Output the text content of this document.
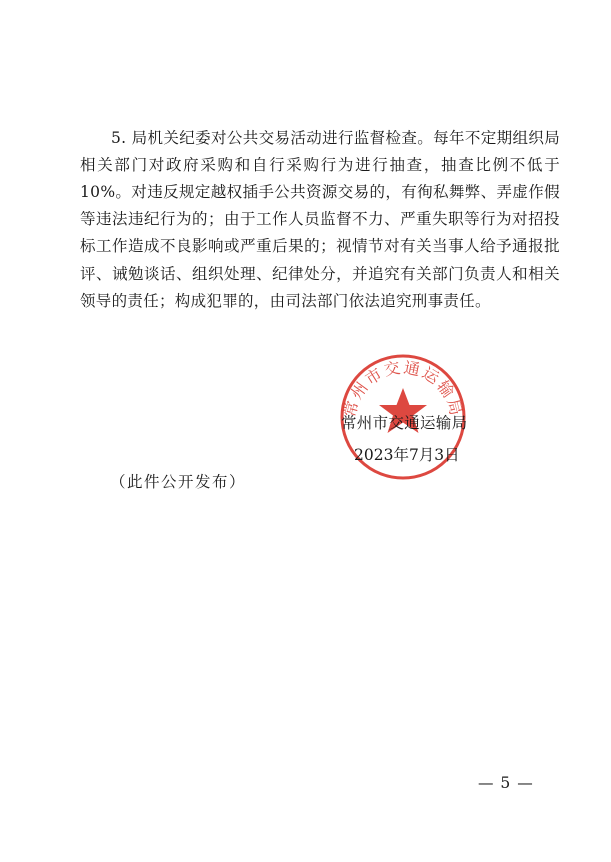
5. 局机关纪委对公共交易活动进行监督检查。每年不定期组织局相关部门对政府采购和自行采购行为进行抽查，抽查比例不低于 10%。对违反规定越权插手公共资源交易的，有徇私舞弊、弄虚作假等违法违纪行为的；由于工作人员监督不力、严重失职等行为对招投标工作造成不良影响或严重后果的；视情节对有关当事人给予通报批评、诫勉谈话、组织处理、纪律处分，并追究有关部门负责人和相关领导的责任；构成犯罪的，由司法部门依法追究刑事责任。

常州市交通运输局
常州市交通运输局
2023年7月3日
（此件公开发布）
— 5 —
